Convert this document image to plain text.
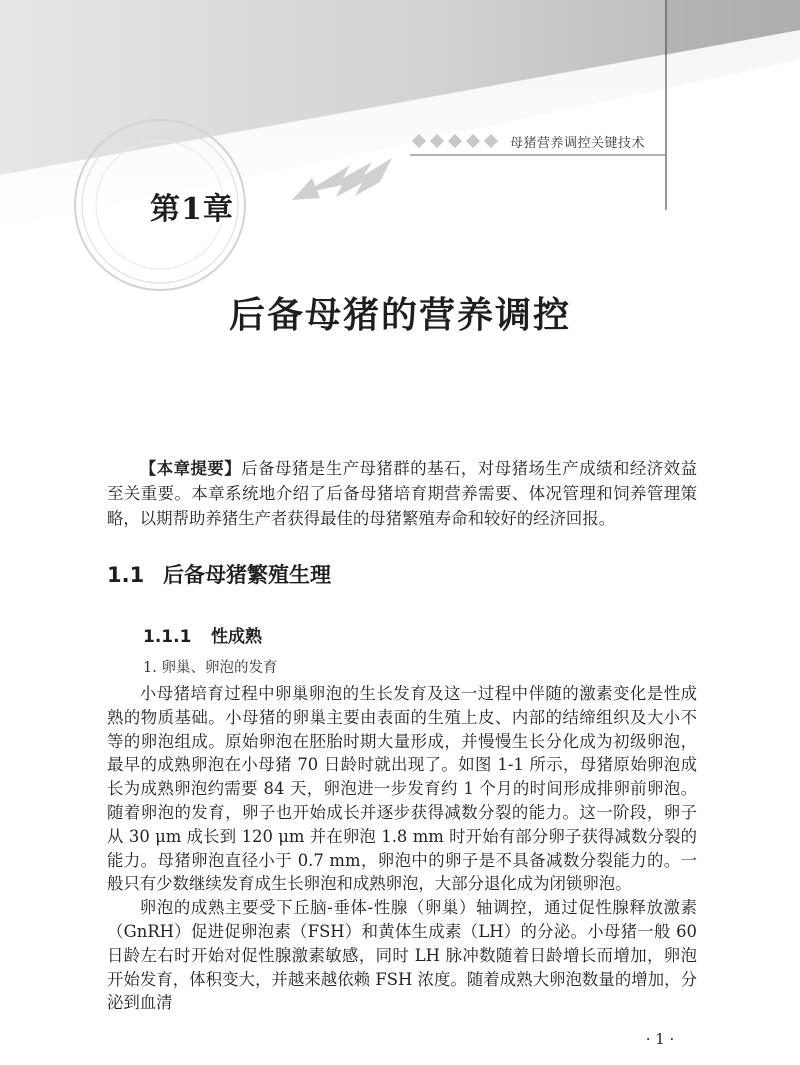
母猪营养调控关键技术
第1章
后备母猪的营养调控
【本章提要】后备母猪是生产母猪群的基石，对母猪场生产成绩和经济效益至关重要。本章系统地介绍了后备母猪培育期营养需要、体况管理和饲养管理策略，以期帮助养猪生产者获得最佳的母猪繁殖寿命和较好的经济回报。
1.1 后备母猪繁殖生理
1.1.1 性成熟
1. 卵巢、卵泡的发育

小母猪培育过程中卵巢卵泡的生长发育及这一过程中伴随的激素变化是性成熟的物质基础。小母猪的卵巢主要由表面的生殖上皮、内部的结缔组织及大小不等的卵泡组成。原始卵泡在胚胎时期大量形成，并慢慢生长分化成为初级卵泡，最早的成熟卵泡在小母猪 70 日龄时就出现了。如图 1-1 所示，母猪原始卵泡成长为成熟卵泡约需要 84 天，卵泡进一步发育约 1 个月的时间形成排卵前卵泡。随着卵泡的发育，卵子也开始成长并逐步获得减数分裂的能力。这一阶段，卵子从 30 μm 成长到 120 μm 并在卵泡 1.8 mm 时开始有部分卵子获得减数分裂的能力。母猪卵泡直径小于 0.7 mm，卵泡中的卵子是不具备减数分裂能力的。一般只有少数继续发育成生长卵泡和成熟卵泡，大部分退化成为闭锁卵泡。

卵泡的成熟主要受下丘脑-垂体-性腺（卵巢）轴调控，通过促性腺释放激素（GnRH）促进促卵泡素（FSH）和黄体生成素（LH）的分泌。小母猪一般 60 日龄左右时开始对促性腺激素敏感，同时 LH 脉冲数随着日龄增长而增加，卵泡开始发育，体积变大，并越来越依赖 FSH 浓度。随着成熟大卵泡数量的增加，分泌到血清

· 1 ·
